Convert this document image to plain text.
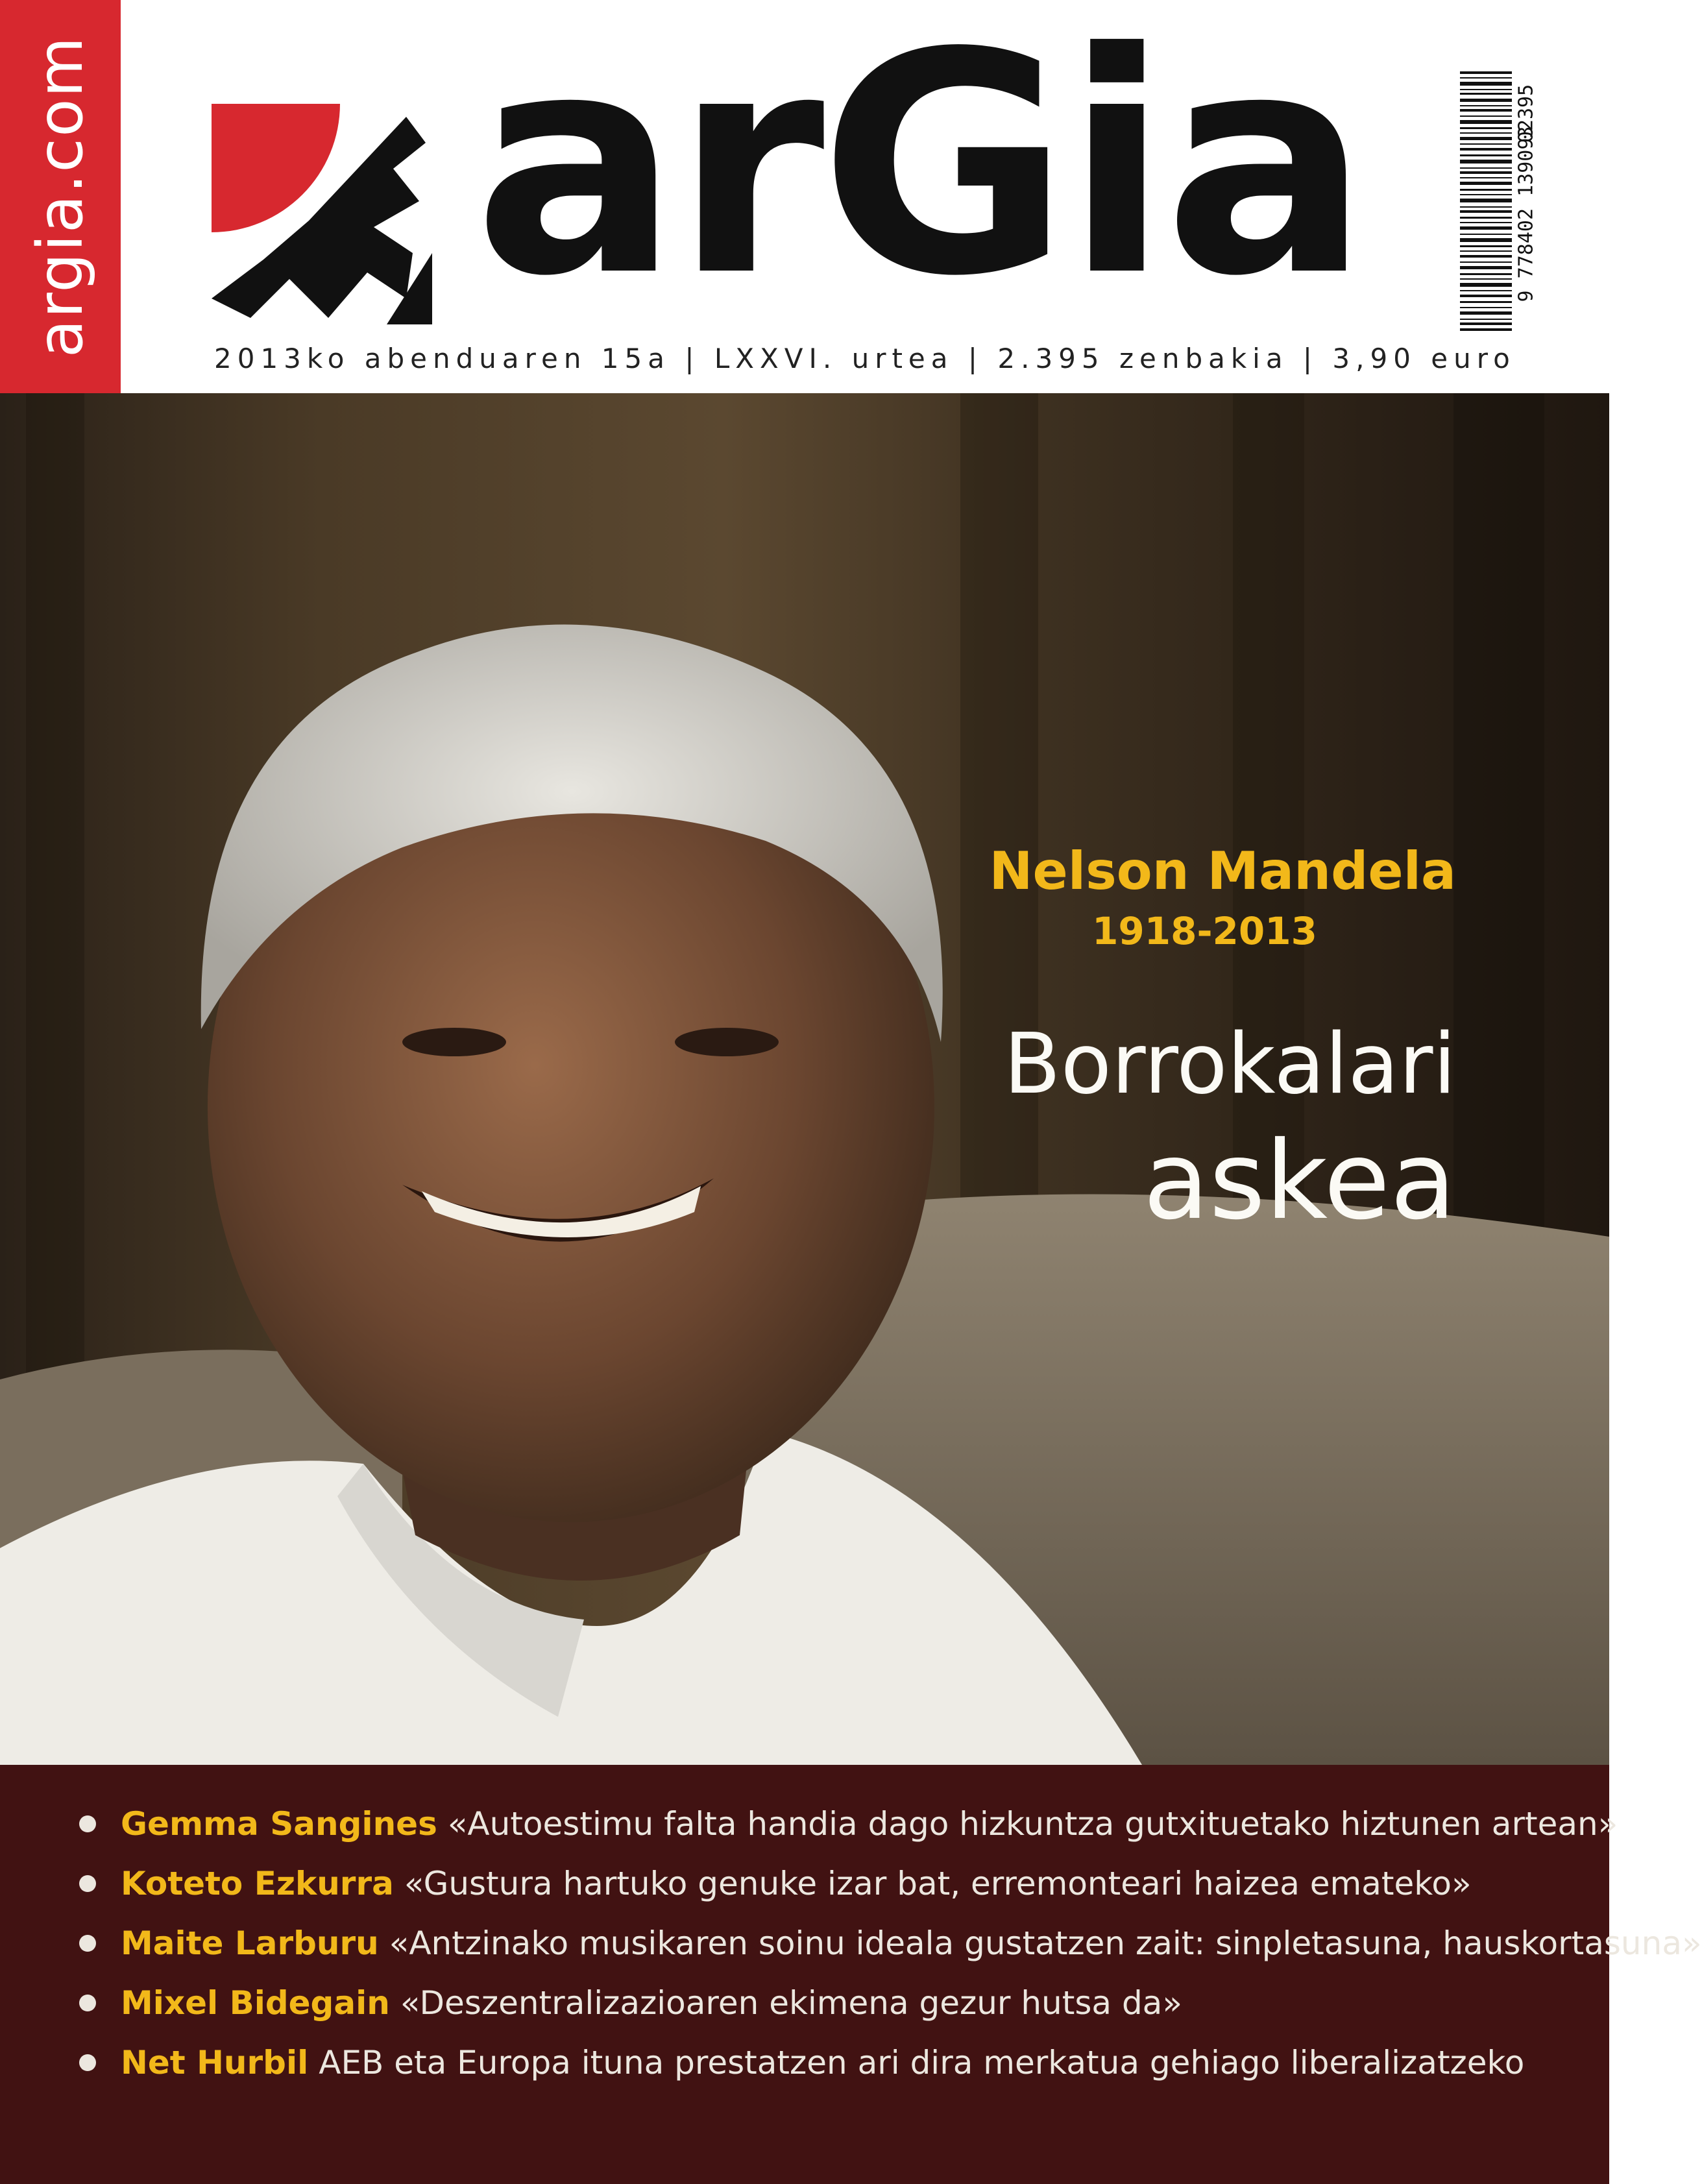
argia.com arGia
2013ko abenduaren 15a | LXXVI. urtea | 2.395 zenbakia | 3,90 euro
9 778402 139093
02395
Nelson Mandela
1918-2013
Borrokalari
askea
Gemma Sangines «Autoestimu falta handia dago hizkuntza gutxituetako hiztunen artean»
Koteto Ezkurra «Gustura hartuko genuke izar bat, erremonteari haizea emateko»
Maite Larburu «Antzinako musikaren soinu ideala gustatzen zait: sinpletasuna, hauskortasuna»
Mixel Bidegain «Deszentralizazioaren ekimena gezur hutsa da»
Net Hurbil AEB eta Europa ituna prestatzen ari dira merkatua gehiago liberalizatzeko
